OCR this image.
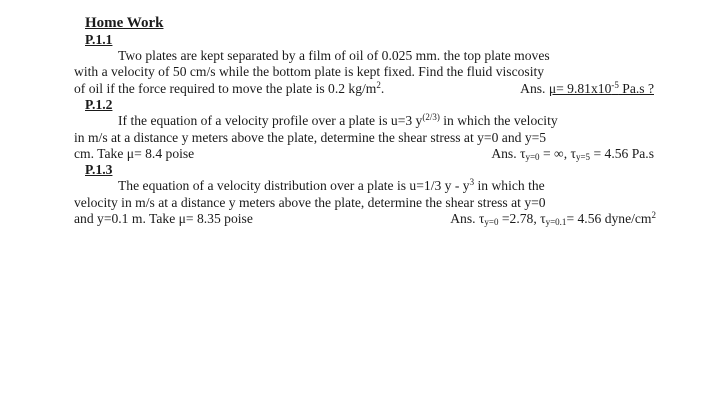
Home Work
P.1.1
Two plates are kept separated by a film of oil of 0.025 mm. the top plate moves
with a velocity of 50 cm/s while the bottom plate is kept fixed. Find the fluid viscosity
of oil if the force required to move the plate is 0.2 $kg/m^2$.	Ans. $\mu= 9.81x10^{-5}$ Pa.s ?
P.1.2
If the equation of a velocity profile over a plate is u=3 $y^{(2/3)}$ in which the velocity
in m/s at a distance y meters above the plate, determine the shear stress at y=0 and y=5
cm. Take μ= 8.4 poise	Ans. $\tau_{y=0}$ = ∞, $\tau_{y=5} = 4.56$ Pa.s
P.1.3
The equation of a velocity distribution over a plate is u=1/3 y - $y^3$ in which the
velocity in m/s at a distance y meters above the plate, determine the shear stress at y=0
and y=0.1 m. Take μ= 8.35 poise	Ans. $\tau_{y=0} =2.78$, $\tau_{y=0.1}= 4.56$ dyne/$cm^2$
